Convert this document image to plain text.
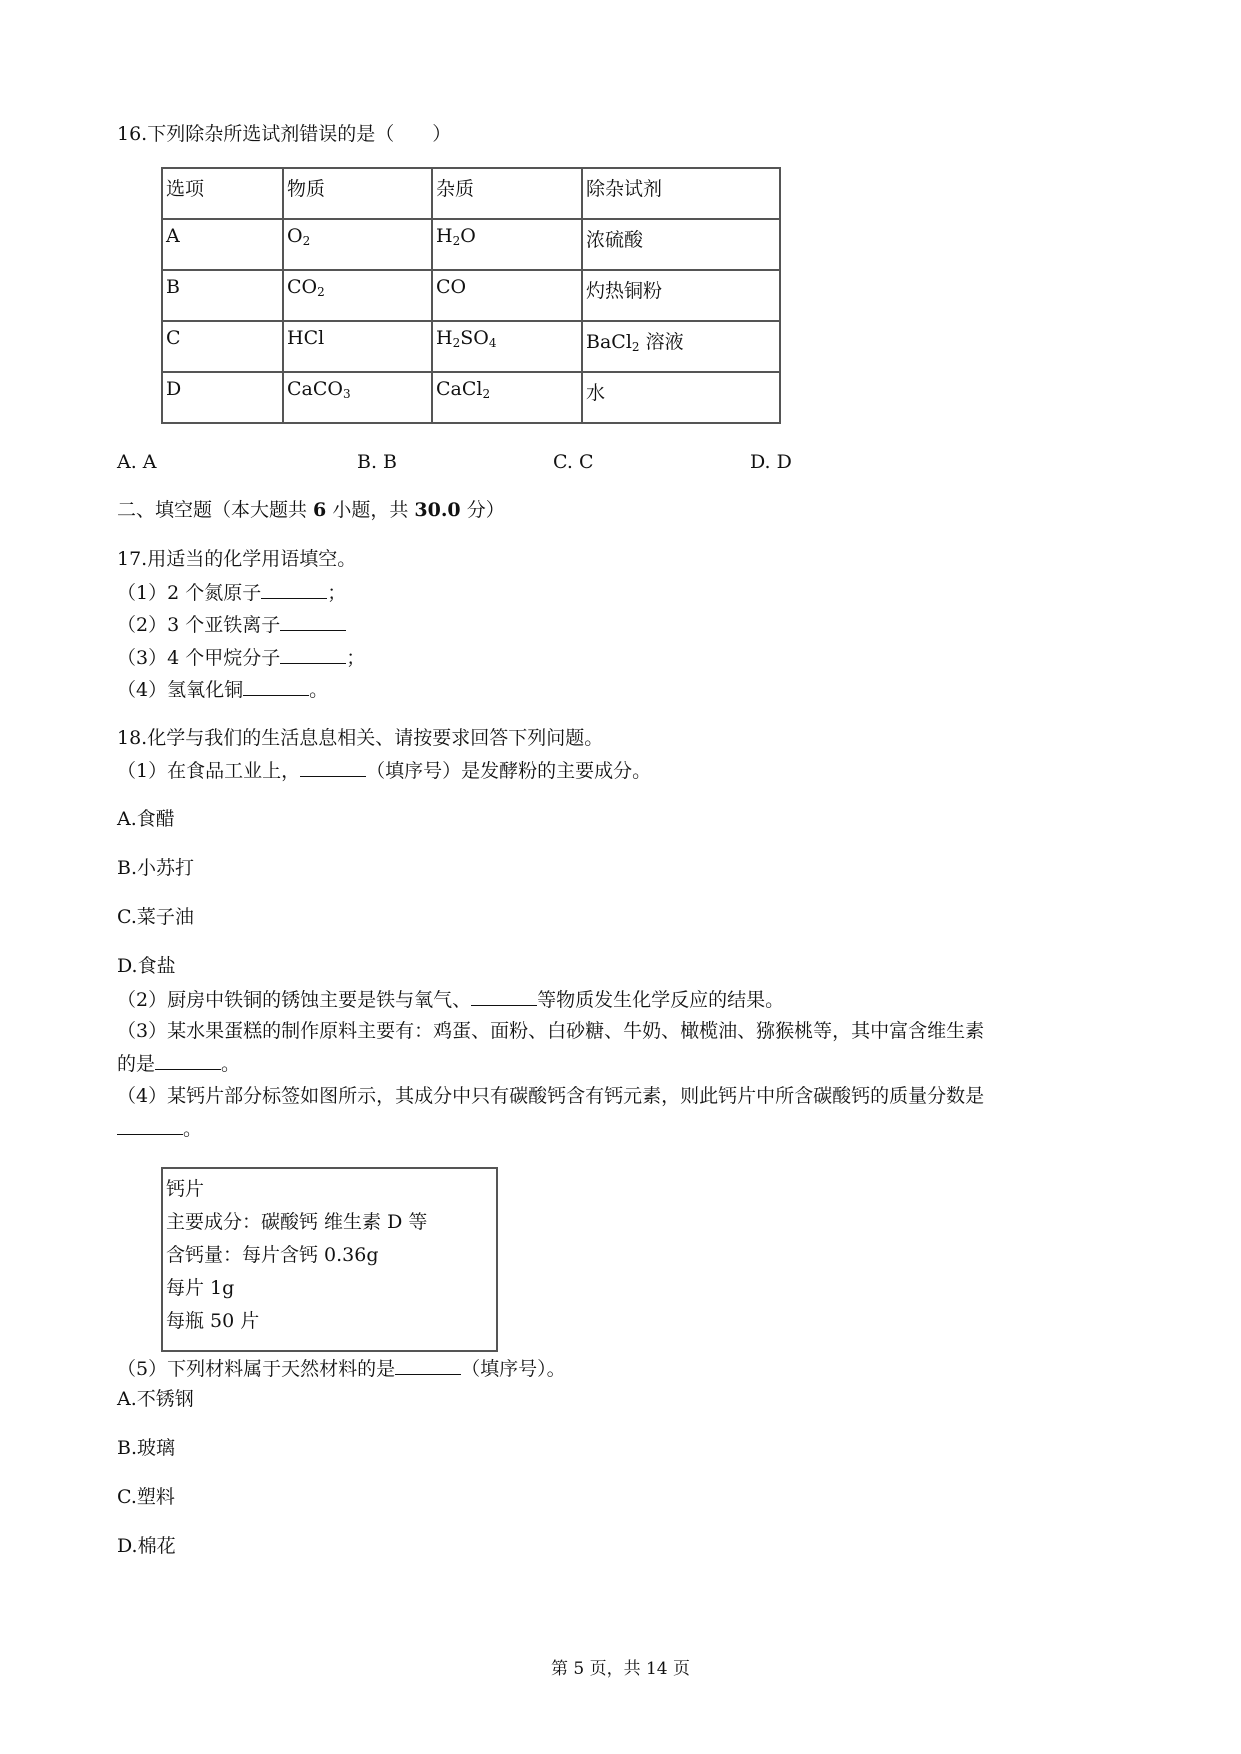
16.下列除杂所选试剂错误的是（　　）
选项	物质	杂质	除杂试剂
A	$O_2$	$H_2O$	浓硫酸
B	$CO_2$	CO	灼热铜粉
C	HCl	$H_2SO_4$	BaCl$_2$ 溶液
D	CaCO$_3$	CaCl$_2$	水
A. A	B. B	C. C	D. D
二、填空题（本大题共 6 小题，共 30.0 分）
17.用适当的化学用语填空。
（1）2 个氮原子	；
（2）3 个亚铁离子
（3）4 个甲烷分子	；
（4）氢氧化铜	。
18.化学与我们的生活息息相关、请按要求回答下列问题。
（1）在食品工业上，	（填序号）是发酵粉的主要成分。
A.食醋
B.小苏打
C.菜子油
D.食盐
（2）厨房中铁铜的锈蚀主要是铁与氧气、	等物质发生化学反应的结果。
（3）某水果蛋糕的制作原料主要有：鸡蛋、面粉、白砂糖、牛奶、橄榄油、猕猴桃等，其中富含维生素
的是	。
（4）某钙片部分标签如图所示，其成分中只有碳酸钙含有钙元素，则此钙片中所含碳酸钙的质量分数是
。
钙片
主要成分：碳酸钙 维生素 D 等
含钙量：每片含钙 0.36g
每片 1g
每瓶 50 片
（5）下列材料属于天然材料的是	（填序号）。
A.不锈钢
B.玻璃
C.塑料
D.棉花
第 5 页，共 14 页
